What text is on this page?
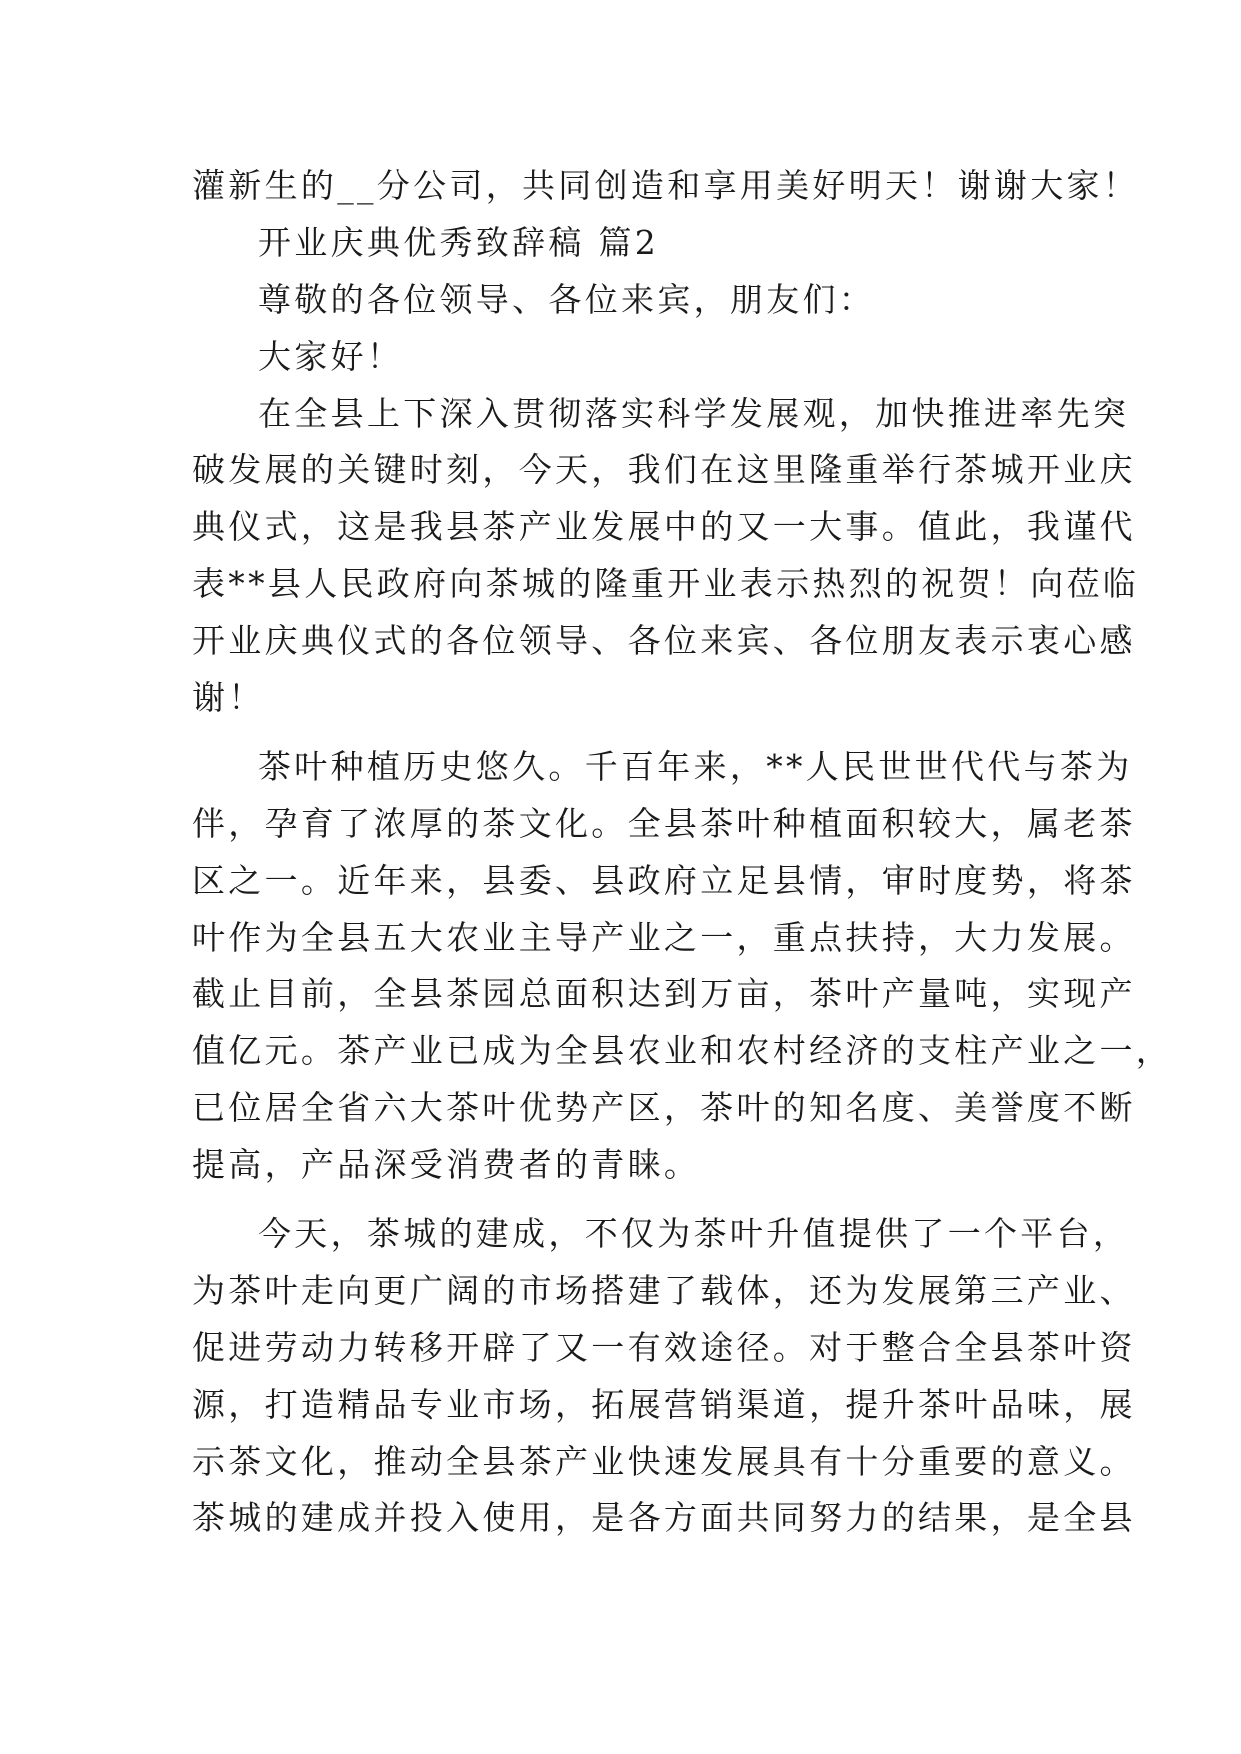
灌新生的__分公司，共同创造和享用美好明天！谢谢大家！
开业庆典优秀致辞稿 篇2
尊敬的各位领导、各位来宾，朋友们：
大家好！
在全县上下深入贯彻落实科学发展观，加快推进率先突
破发展的关键时刻，今天，我们在这里隆重举行茶城开业庆
典仪式，这是我县茶产业发展中的又一大事。值此，我谨代
表**县人民政府向茶城的隆重开业表示热烈的祝贺！向莅临
开业庆典仪式的各位领导、各位来宾、各位朋友表示衷心感
谢！
茶叶种植历史悠久。千百年来，**人民世世代代与茶为
伴，孕育了浓厚的茶文化。全县茶叶种植面积较大，属老茶
区之一。近年来，县委、县政府立足县情，审时度势，将茶
叶作为全县五大农业主导产业之一，重点扶持，大力发展。
截止目前，全县茶园总面积达到万亩，茶叶产量吨，实现产
值亿元。茶产业已成为全县农业和农村经济的支柱产业之一，
已位居全省六大茶叶优势产区，茶叶的知名度、美誉度不断
提高，产品深受消费者的青睐。
今天，茶城的建成，不仅为茶叶升值提供了一个平台，
为茶叶走向更广阔的市场搭建了载体，还为发展第三产业、
促进劳动力转移开辟了又一有效途径。对于整合全县茶叶资
源，打造精品专业市场，拓展营销渠道，提升茶叶品味，展
示茶文化，推动全县茶产业快速发展具有十分重要的意义。
茶城的建成并投入使用，是各方面共同努力的结果，是全县
